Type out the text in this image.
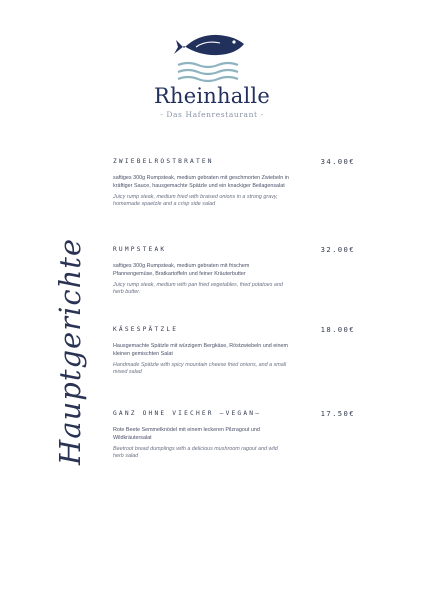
Rheinhalle
- Das Hafenrestaurant -
Hauptgerichte
ZWIEBELROSTBRATEN	34.00€
saftiges 300g Rumpsteak, medium gebraten mit geschmorten Zwiebeln in kräftiger Sauce, hausgemachte Spätzle und ein knackiger Beilagensalat
Juicy rump steak, medium fried with braised onions in a strong gravy, homemade spaetzle and a crisp side salad
RUMPSTEAK	32.00€
saftiges 300g Rumpsteak, medium gebraten mit frischem Pfannengemüse, Bratkartoffeln und feiner Kräuterbutter
Juicy rump steak, medium with pan fried vegetables, fried potatoes and herb butter.
KÄSESPÄTZLE	18.00€
Hausgemachte Spätzle mit würzigem Bergkäse, Röstzwiebeln und einem kleinen gemischten Salat
Handmade Spätzle with spicy mountain cheese fried onions, and a small mixed salad
GANZ OHNE VIECHER –VEGAN–	17.50€
Rote Beete Semmelknödel mit einem leckeren Pilzragout und Wildkräutersalat
Beetroot bread dumplings with a delicious mushroom ragout and wild herb salad
